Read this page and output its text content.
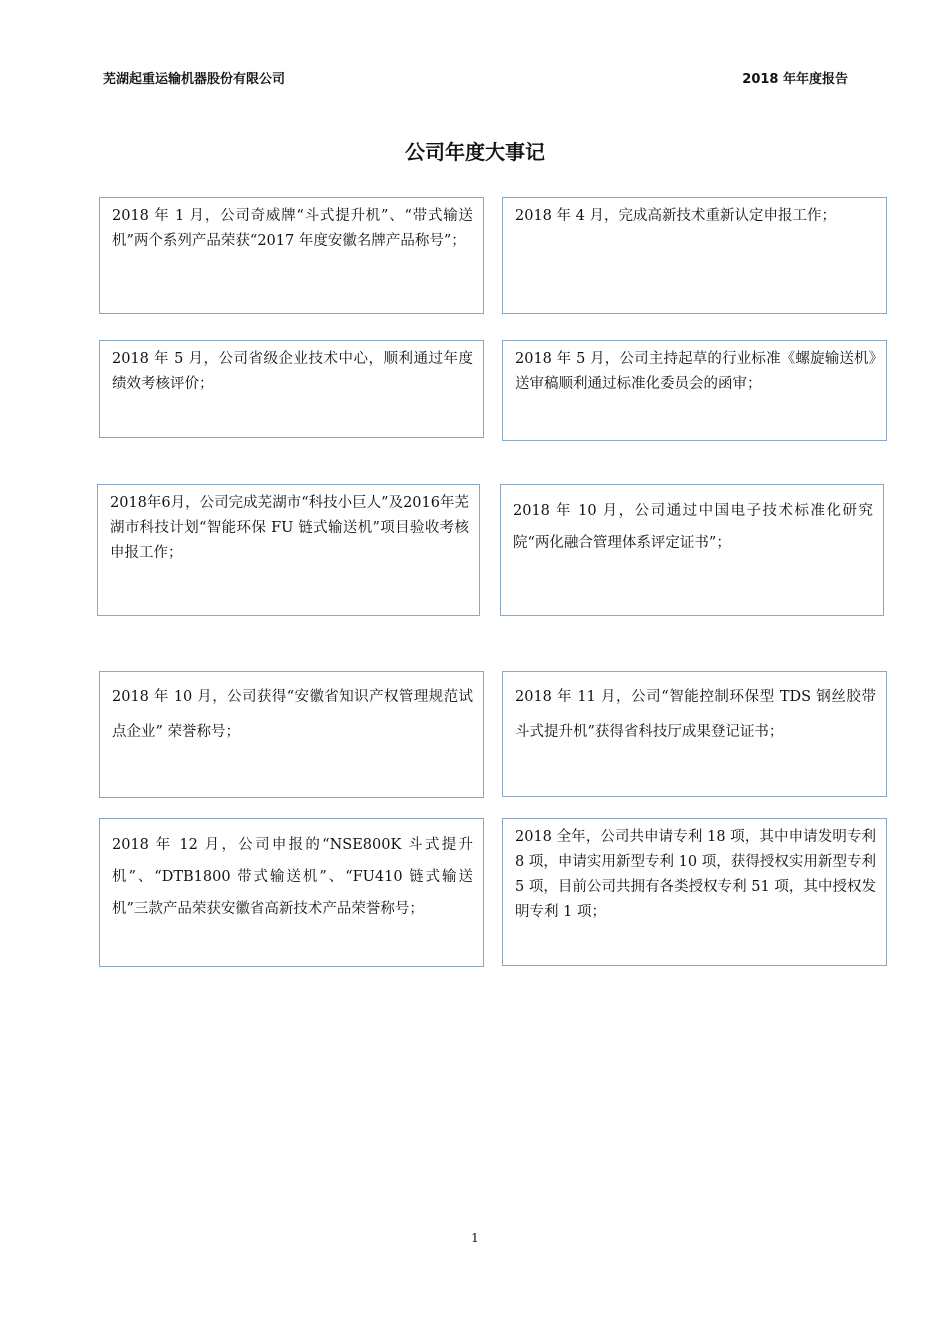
芜湖起重运输机器股份有限公司	2018 年年度报告
公司年度大事记
2018 年 1 月，公司奇威牌“斗式提升机”、“带式输送机”两个系列产品荣获“2017 年度安徽名牌产品称号”；
2018 年 4 月，完成高新技术重新认定申报工作；
2018 年 5 月，公司省级企业技术中心，顺利通过年度绩效考核评价；
2018 年 5 月，公司主持起草的行业标准《螺旋输送机》送审稿顺利通过标准化委员会的函审；
2018年6月，公司完成芜湖市“科技小巨人”及2016年芜湖市科技计划“智能环保 FU 链式输送机”项目验收考核申报工作；
2018 年 10 月，公司通过中国电子技术标准化研究院“两化融合管理体系评定证书”；
2018 年 10 月，公司获得“安徽省知识产权管理规范试点企业” 荣誉称号；
2018 年 11 月，公司“智能控制环保型 TDS 钢丝胶带斗式提升机”获得省科技厅成果登记证书；
2018 年 12 月，公司申报的“NSE800K 斗式提升机”、“DTB1800 带式输送机”、“FU410 链式输送机”三款产品荣获安徽省高新技术产品荣誉称号；
2018 全年，公司共申请专利 18 项，其中申请发明专利 8 项，申请实用新型专利 10 项，获得授权实用新型专利 5 项，目前公司共拥有各类授权专利 51 项，其中授权发明专利 1 项；
1
